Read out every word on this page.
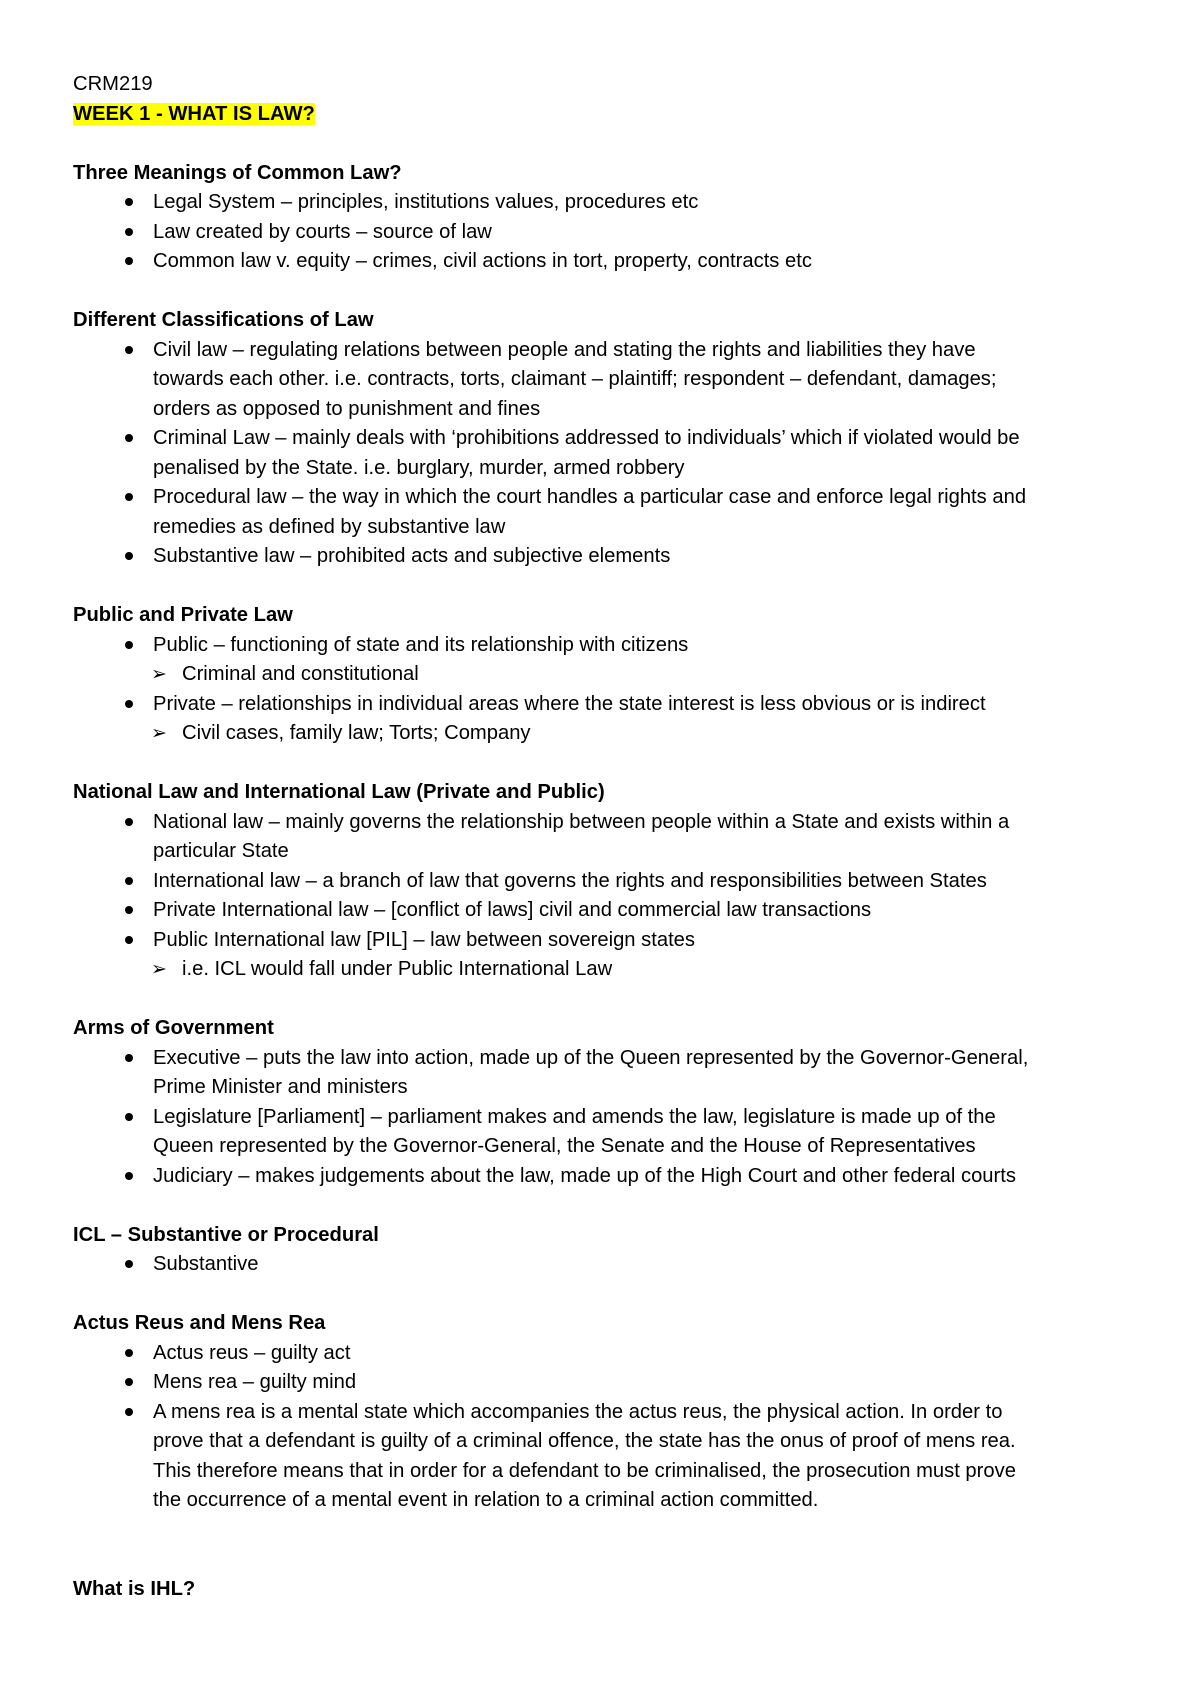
CRM219
WEEK 1 - WHAT IS LAW?
Three Meanings of Common Law?
Legal System – principles, institutions values, procedures etc
Law created by courts – source of law
Common law v. equity – crimes, civil actions in tort, property, contracts etc
Different Classifications of Law
Civil law – regulating relations between people and stating the rights and liabilities they have
towards each other. i.e. contracts, torts, claimant – plaintiff; respondent – defendant, damages;
orders as opposed to punishment and fines
Criminal Law – mainly deals with ‘prohibitions addressed to individuals’ which if violated would be
penalised by the State. i.e. burglary, murder, armed robbery
Procedural law – the way in which the court handles a particular case and enforce legal rights and
remedies as defined by substantive law
Substantive law – prohibited acts and subjective elements
Public and Private Law
Public – functioning of state and its relationship with citizens
➢ Criminal and constitutional
Private – relationships in individual areas where the state interest is less obvious or is indirect
➢ Civil cases, family law; Torts; Company
National Law and International Law (Private and Public)
National law – mainly governs the relationship between people within a State and exists within a
particular State
International law – a branch of law that governs the rights and responsibilities between States
Private International law – [conflict of laws] civil and commercial law transactions
Public International law [PIL] – law between sovereign states
➢ i.e. ICL would fall under Public International Law
Arms of Government
Executive – puts the law into action, made up of the Queen represented by the Governor-General,
Prime Minister and ministers
Legislature [Parliament] – parliament makes and amends the law, legislature is made up of the
Queen represented by the Governor-General, the Senate and the House of Representatives
Judiciary – makes judgements about the law, made up of the High Court and other federal courts
ICL – Substantive or Procedural
Substantive
Actus Reus and Mens Rea
Actus reus – guilty act
Mens rea – guilty mind
A mens rea is a mental state which accompanies the actus reus, the physical action. In order to
prove that a defendant is guilty of a criminal offence, the state has the onus of proof of mens rea.
This therefore means that in order for a defendant to be criminalised, the prosecution must prove
the occurrence of a mental event in relation to a criminal action committed.
What is IHL?
